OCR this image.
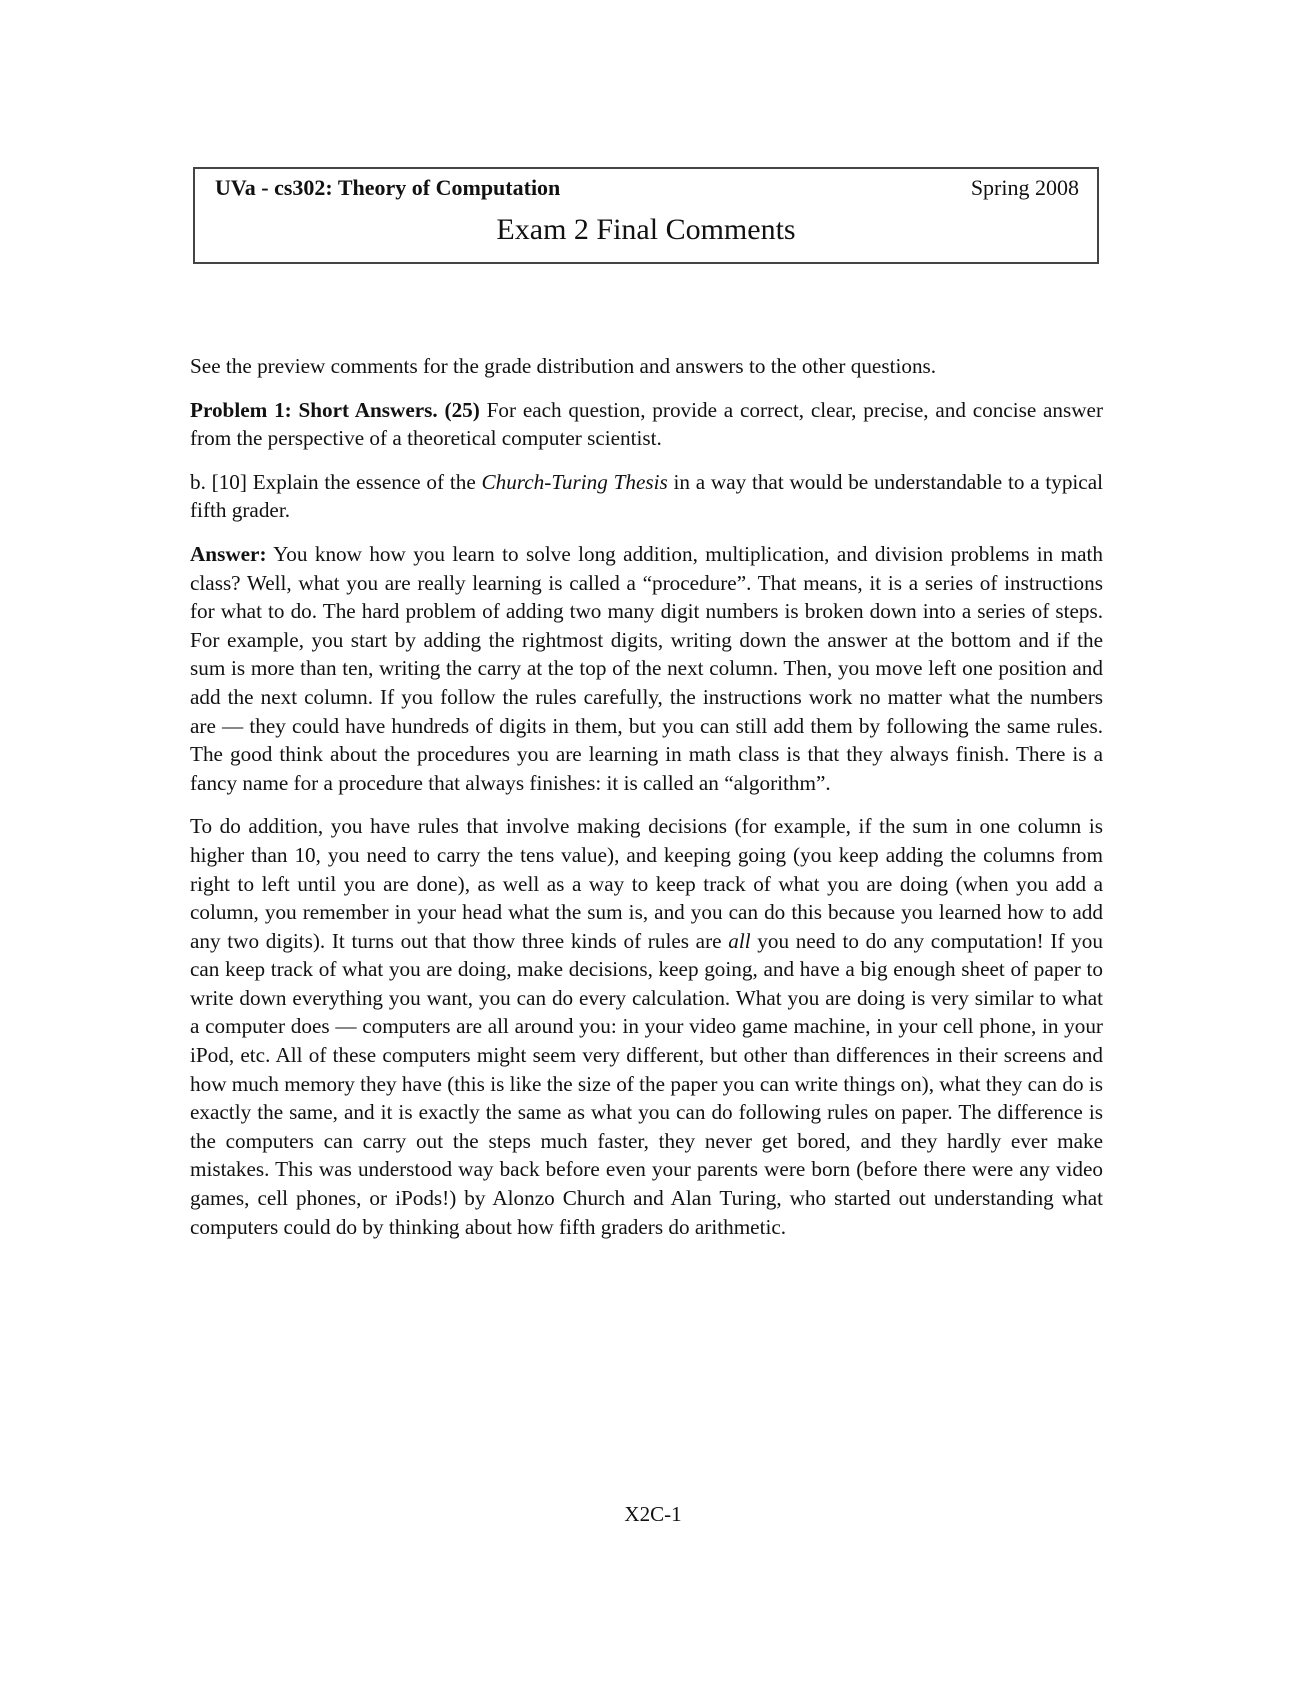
UVa - cs302: Theory of Computation	Spring 2008
Exam 2 Final Comments

See the preview comments for the grade distribution and answers to the other questions.

Problem 1: Short Answers. (25) For each question, provide a correct, clear, precise, and concise answer from the perspective of a theoretical computer scientist.

b. [10] Explain the essence of the Church-Turing Thesis in a way that would be understandable to a typical fifth grader.

Answer: You know how you learn to solve long addition, multiplication, and division problems in math class? Well, what you are really learning is called a “procedure”. That means, it is a series of instructions for what to do. The hard problem of adding two many digit numbers is broken down into a series of steps. For example, you start by adding the rightmost digits, writing down the answer at the bottom and if the sum is more than ten, writing the carry at the top of the next column. Then, you move left one position and add the next column. If you follow the rules carefully, the instructions work no matter what the numbers are — they could have hundreds of digits in them, but you can still add them by following the same rules. The good think about the procedures you are learning in math class is that they always finish. There is a fancy name for a procedure that always finishes: it is called an “algorithm”.

To do addition, you have rules that involve making decisions (for example, if the sum in one column is higher than 10, you need to carry the tens value), and keeping going (you keep adding the columns from right to left until you are done), as well as a way to keep track of what you are doing (when you add a column, you remember in your head what the sum is, and you can do this because you learned how to add any two digits). It turns out that thow three kinds of rules are all you need to do any computation! If you can keep track of what you are doing, make decisions, keep going, and have a big enough sheet of paper to write down everything you want, you can do every calculation. What you are doing is very similar to what a computer does — computers are all around you: in your video game machine, in your cell phone, in your iPod, etc. All of these computers might seem very different, but other than differences in their screens and how much memory they have (this is like the size of the paper you can write things on), what they can do is exactly the same, and it is exactly the same as what you can do following rules on paper. The difference is the computers can carry out the steps much faster, they never get bored, and they hardly ever make mistakes. This was understood way back before even your parents were born (before there were any video games, cell phones, or iPods!) by Alonzo Church and Alan Turing, who started out understanding what computers could do by thinking about how fifth graders do arithmetic.

X2C-1
